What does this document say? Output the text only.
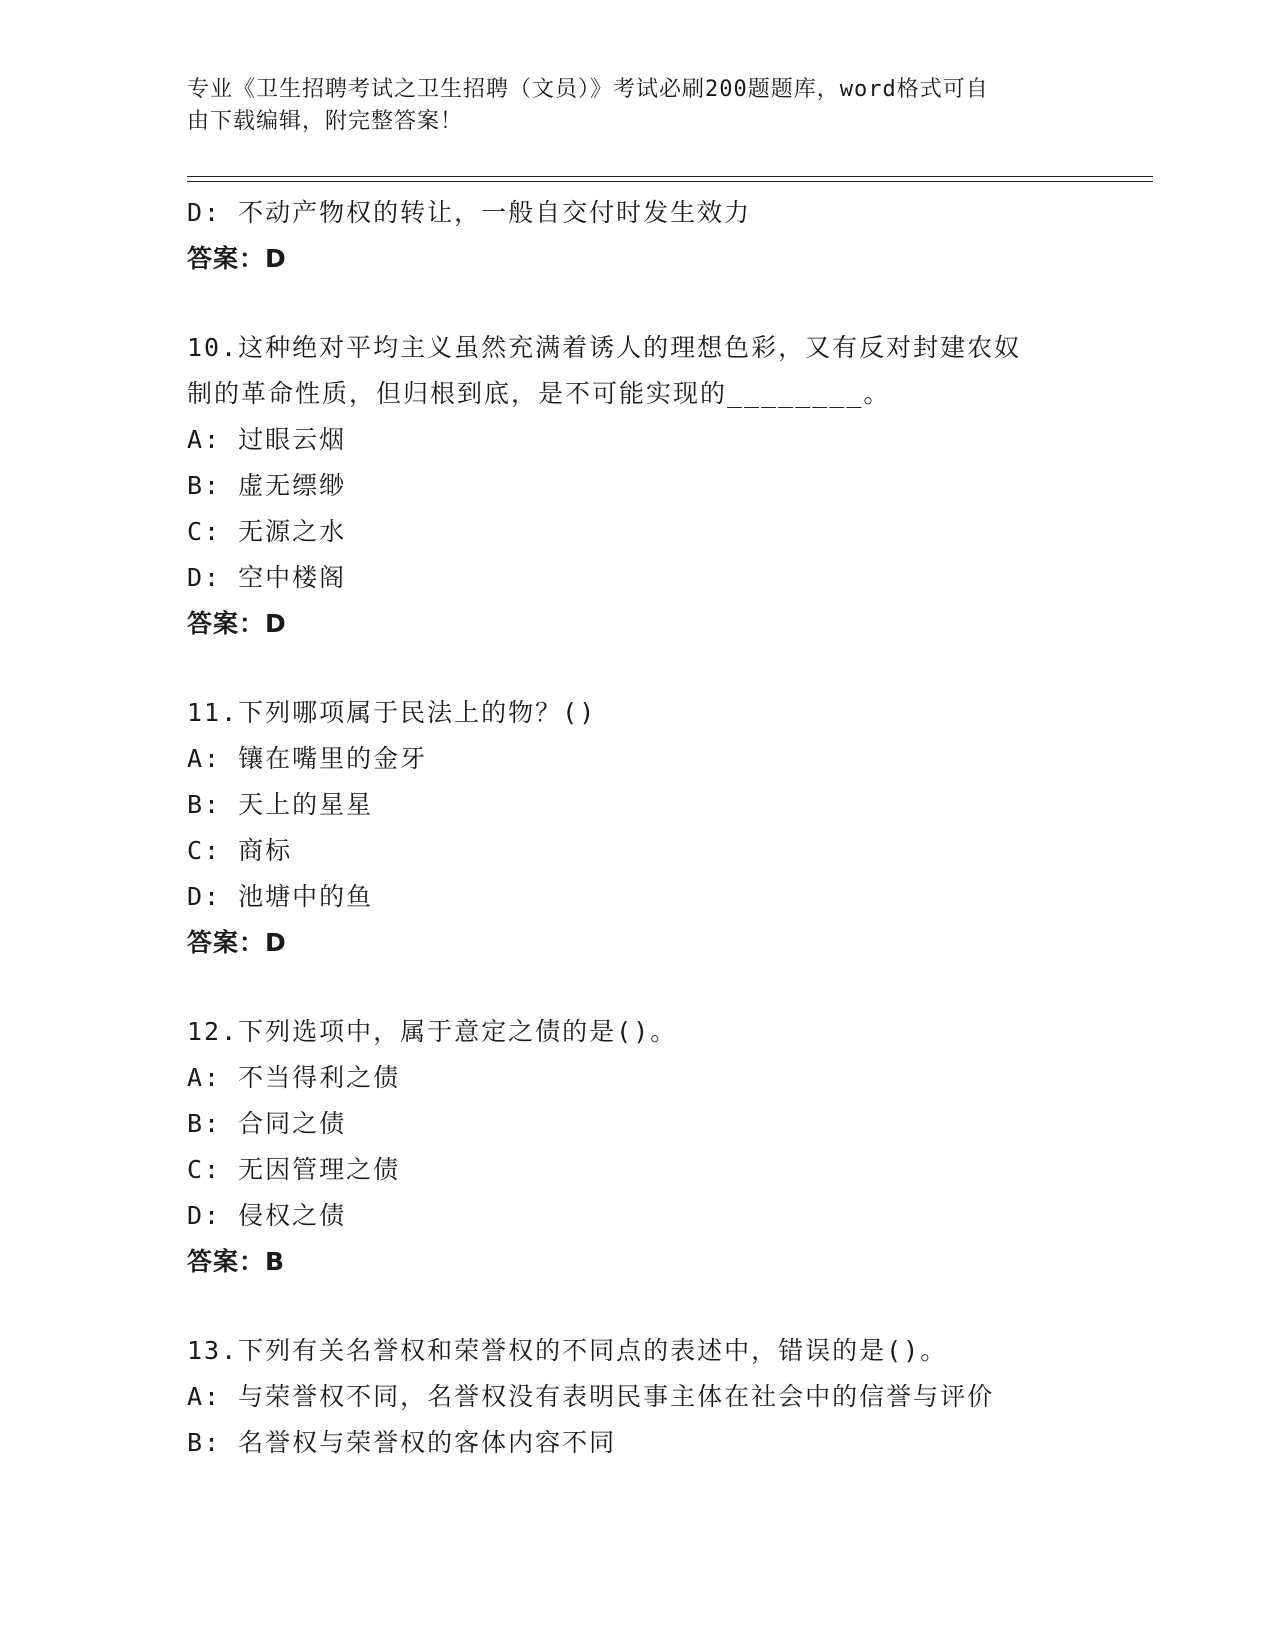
专业《卫生招聘考试之卫生招聘（文员）》考试必刷200题题库，word格式可自
由下载编辑，附完整答案！
D: 不动产物权的转让，一般自交付时发生效力
答案：D
10.这种绝对平均主义虽然充满着诱人的理想色彩，又有反对封建农奴
制的革命性质，但归根到底，是不可能实现的________。
A: 过眼云烟
B: 虚无缥缈
C: 无源之水
D: 空中楼阁
答案：D
11.下列哪项属于民法上的物？()
A: 镶在嘴里的金牙
B: 天上的星星
C: 商标
D: 池塘中的鱼
答案：D
12.下列选项中，属于意定之债的是()。
A: 不当得利之债
B: 合同之债
C: 无因管理之债
D: 侵权之债
答案：B
13.下列有关名誉权和荣誉权的不同点的表述中，错误的是()。
A: 与荣誉权不同，名誉权没有表明民事主体在社会中的信誉与评价
B: 名誉权与荣誉权的客体内容不同
